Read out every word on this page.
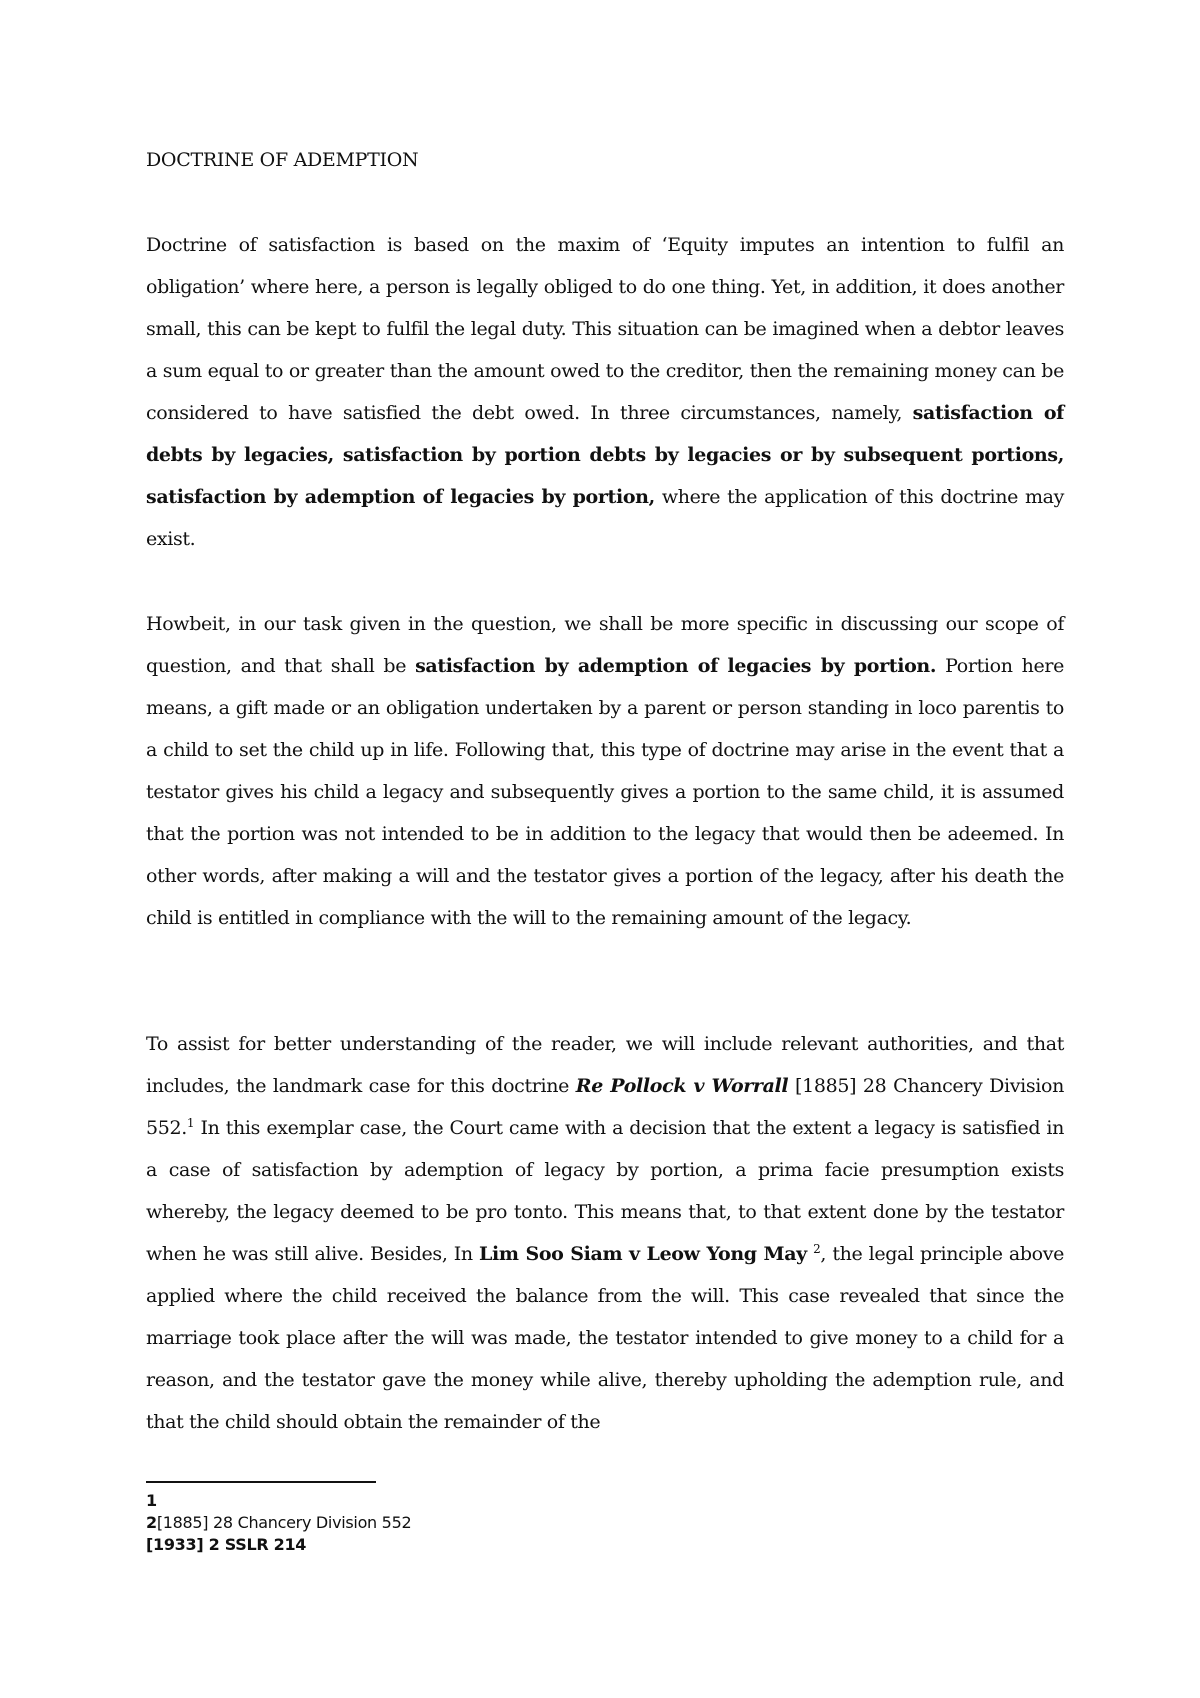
DOCTRINE OF ADEMPTION
Doctrine of satisfaction is based on the maxim of ‘Equity imputes an intention to fulfil an obligation’ where here, a person is legally obliged to do one thing. Yet, in addition, it does another small, this can be kept to fulfil the legal duty. This situation can be imagined when a debtor leaves a sum equal to or greater than the amount owed to the creditor, then the remaining money can be considered to have satisfied the debt owed. In three circumstances, namely, satisfaction of debts by legacies, satisfaction by portion debts by legacies or by subsequent portions, satisfaction by ademption of legacies by portion, where the application of this doctrine may exist.
Howbeit, in our task given in the question, we shall be more specific in discussing our scope of question, and that shall be satisfaction by ademption of legacies by portion. Portion here means, a gift made or an obligation undertaken by a parent or person standing in loco parentis to a child to set the child up in life. Following that, this type of doctrine may arise in the event that a testator gives his child a legacy and subsequently gives a portion to the same child, it is assumed that the portion was not intended to be in addition to the legacy that would then be adeemed. In other words, after making a will and the testator gives a portion of the legacy, after his death the child is entitled in compliance with the will to the remaining amount of the legacy.
To assist for better understanding of the reader, we will include relevant authorities, and that includes, the landmark case for this doctrine Re Pollock v Worrall [1885] 28 Chancery Division 552.$^1$ In this exemplar case, the Court came with a decision that the extent a legacy is satisfied in a case of satisfaction by ademption of legacy by portion, a prima facie presumption exists whereby, the legacy deemed to be pro tonto. This means that, to that extent done by the testator when he was still alive. Besides, In Lim Soo Siam v Leow Yong May $^2$, the legal principle above applied where the child received the balance from the will. This case revealed that since the marriage took place after the will was made, the testator intended to give money to a child for a reason, and the testator gave the money while alive, thereby upholding the ademption rule, and that the child should obtain the remainder of the
1
2[1885] 28 Chancery Division 552
[1933] 2 SSLR 214
